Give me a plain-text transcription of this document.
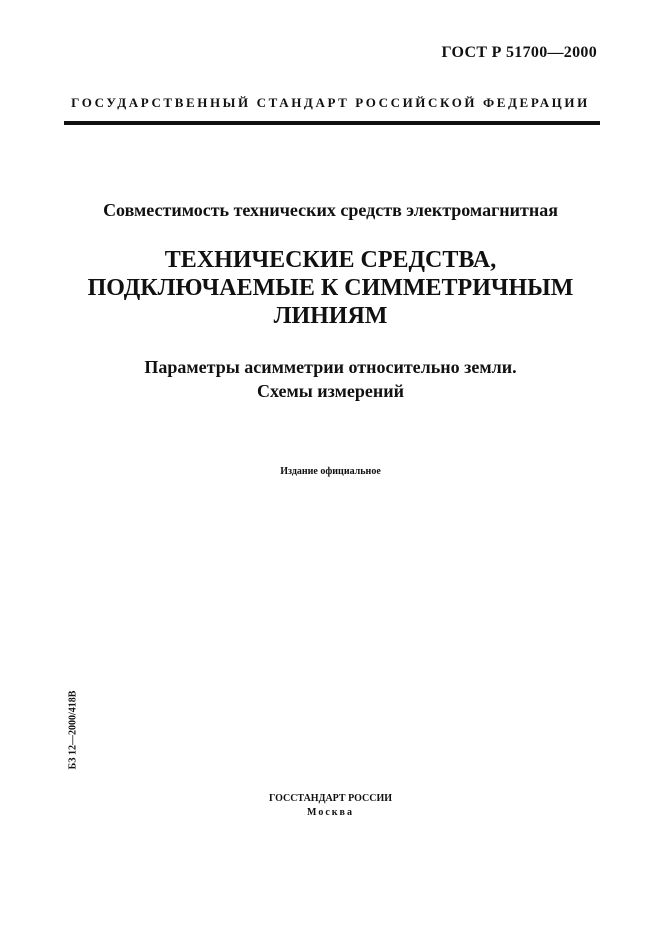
ГОСТ Р 51700—2000
ГОСУДАРСТВЕННЫЙ СТАНДАРТ РОССИЙСКОЙ ФЕДЕРАЦИИ
Совместимость технических средств электромагнитная
ТЕХНИЧЕСКИЕ СРЕДСТВА,
ПОДКЛЮЧАЕМЫЕ К СИММЕТРИЧНЫМ
ЛИНИЯМ
Параметры асимметрии относительно земли.
Схемы измерений
Издание официальное
БЗ 12—2000/418В
ГОССТАНДАРТ РОССИИ
Москва
